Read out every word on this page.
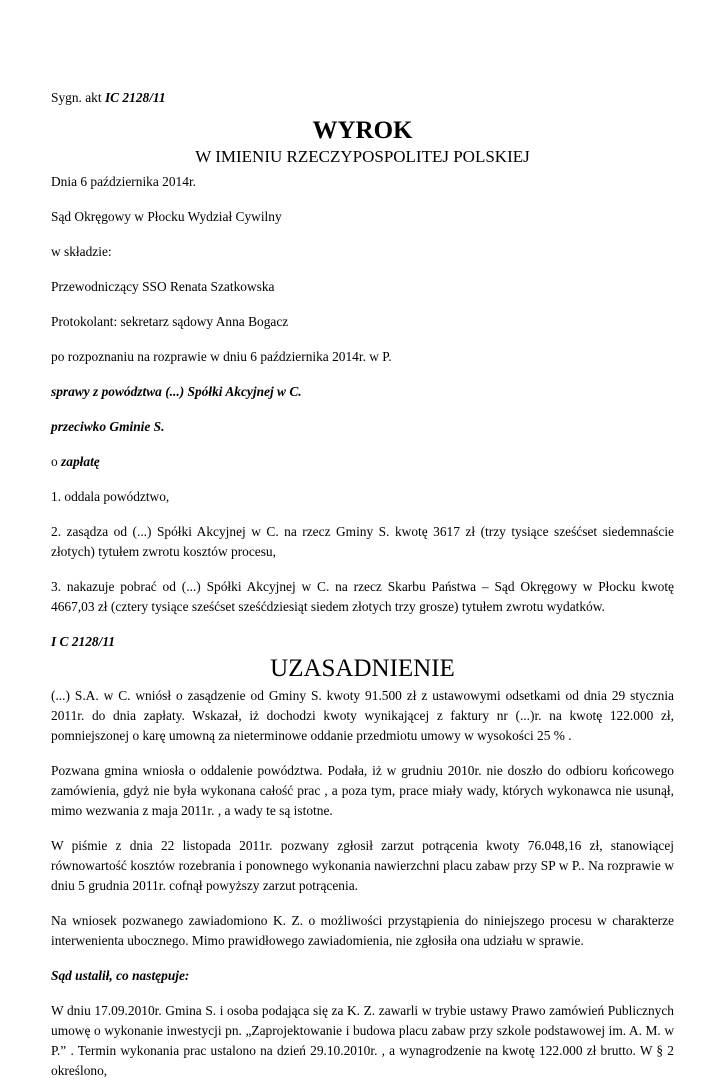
Sygn. akt IC 2128/11

WYROK
W IMIENIU RZECZYPOSPOLITEJ POLSKIEJ

Dnia 6 października 2014r.

Sąd Okręgowy w Płocku Wydział Cywilny

w składzie:

Przewodniczący SSO Renata Szatkowska

Protokolant: sekretarz sądowy Anna Bogacz

po rozpoznaniu na rozprawie w dniu 6 października 2014r. w P.

sprawy z powództwa (...) Spółki Akcyjnej w C.

przeciwko Gminie S.

o zapłatę

1. oddala powództwo,

2. zasądza od (...) Spółki Akcyjnej w C. na rzecz Gminy S. kwotę 3617 zł (trzy tysiące sześćset siedemnaście złotych) tytułem zwrotu kosztów procesu,

3. nakazuje pobrać od (...) Spółki Akcyjnej w C. na rzecz Skarbu Państwa – Sąd Okręgowy w Płocku kwotę 4667,03 zł (cztery tysiące sześćset sześćdziesiąt siedem złotych trzy grosze) tytułem zwrotu wydatków.

I C 2128/11

UZASADNIENIE

(...) S.A. w C. wniósł o zasądzenie od Gminy S. kwoty 91.500 zł z ustawowymi odsetkami od dnia 29 stycznia 2011r. do dnia zapłaty. Wskazał, iż dochodzi kwoty wynikającej z faktury nr (...)r. na kwotę 122.000 zł, pomniejszonej o karę umowną za nieterminowe oddanie przedmiotu umowy w wysokości 25 % .

Pozwana gmina wniosła o oddalenie powództwa. Podała, iż w grudniu 2010r. nie doszło do odbioru końcowego zamówienia, gdyż nie była wykonana całość prac , a poza tym, prace miały wady, których wykonawca nie usunął, mimo wezwania z maja 2011r. , a wady te są istotne.

W piśmie z dnia 22 listopada 2011r. pozwany zgłosił zarzut potrącenia kwoty 76.048,16 zł, stanowiącej równowartość kosztów rozebrania i ponownego wykonania nawierzchni placu zabaw przy SP w P.. Na rozprawie w dniu 5 grudnia 2011r. cofnął powyższy zarzut potrącenia.

Na wniosek pozwanego zawiadomiono K. Z. o możliwości przystąpienia do niniejszego procesu w charakterze interwenienta ubocznego. Mimo prawidłowego zawiadomienia, nie zgłosiła ona udziału w sprawie.

Sąd ustalił, co następuje:

W dniu 17.09.2010r. Gmina S. i osoba podająca się za K. Z. zawarli w trybie ustawy Prawo zamówień Publicznych umowę o wykonanie inwestycji pn. „Zaprojektowanie i budowa placu zabaw przy szkole podstawowej im. A. M. w P.” . Termin wykonania prac ustalono na dzień 29.10.2010r. , a wynagrodzenie na kwotę 122.000 zł brutto. W § 2 określono,
